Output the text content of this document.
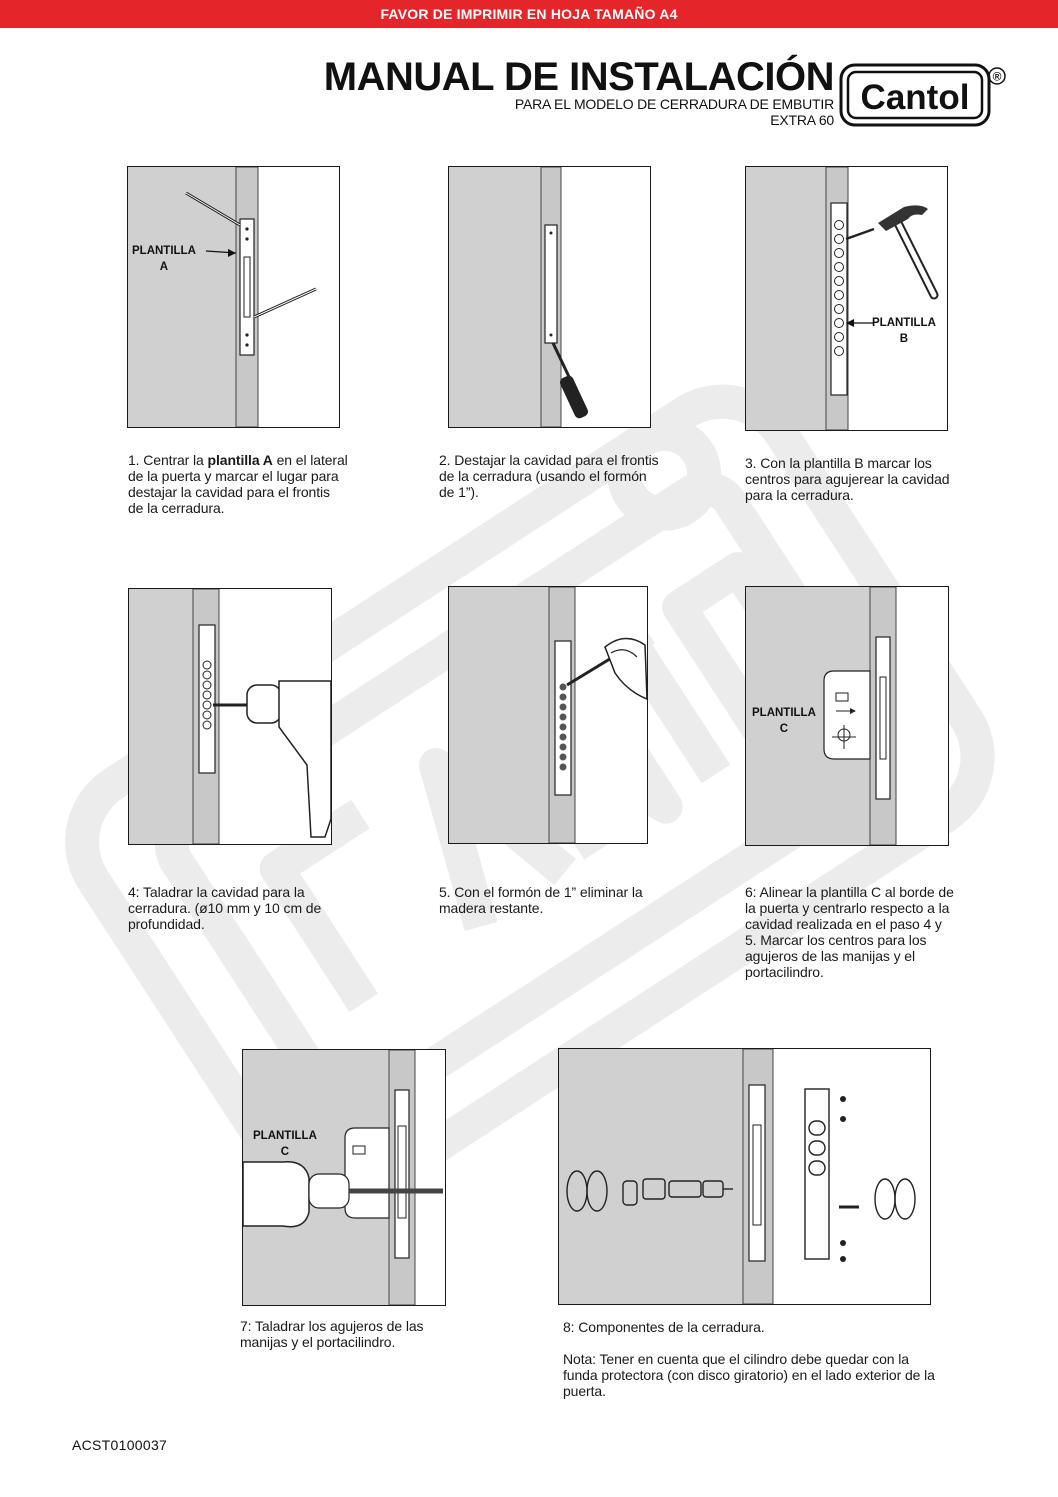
FAVOR DE IMPRIMIR EN HOJA TAMAÑO A4
MANUAL DE INSTALACIÓN
PARA EL MODELO DE CERRADURA DE EMBUTIR
EXTRA 60
Cantol
®
PLANTILLA
A

1. Centrar la plantilla A en el lateral de la puerta y marcar el lugar para destajar la cavidad para el frontis de la cerradura.

2. Destajar la cavidad para el frontis de la cerradura (usando el formón de 1”).

PLANTILLA
B

3. Con la plantilla B marcar los centros para agujerear la cavidad para la cerradura.

4: Taladrar la cavidad para la cerradura. (ø10 mm y 10 cm de profundidad.

5. Con el formón de 1” eliminar la madera restante.

PLANTILLA
C

6: Alinear la plantilla C al borde de la puerta y centrarlo respecto a la cavidad realizada en el paso 4 y 5. Marcar los centros para los agujeros de las manijas y el portacilindro.

PLANTILLA
C

7: Taladrar los agujeros de las manijas y el portacilindro.

8: Componentes de la cerradura.

Nota: Tener en cuenta que el cilindro debe quedar con la funda protectora (con disco giratorio) en el lado exterior de la puerta.

ACST0100037
